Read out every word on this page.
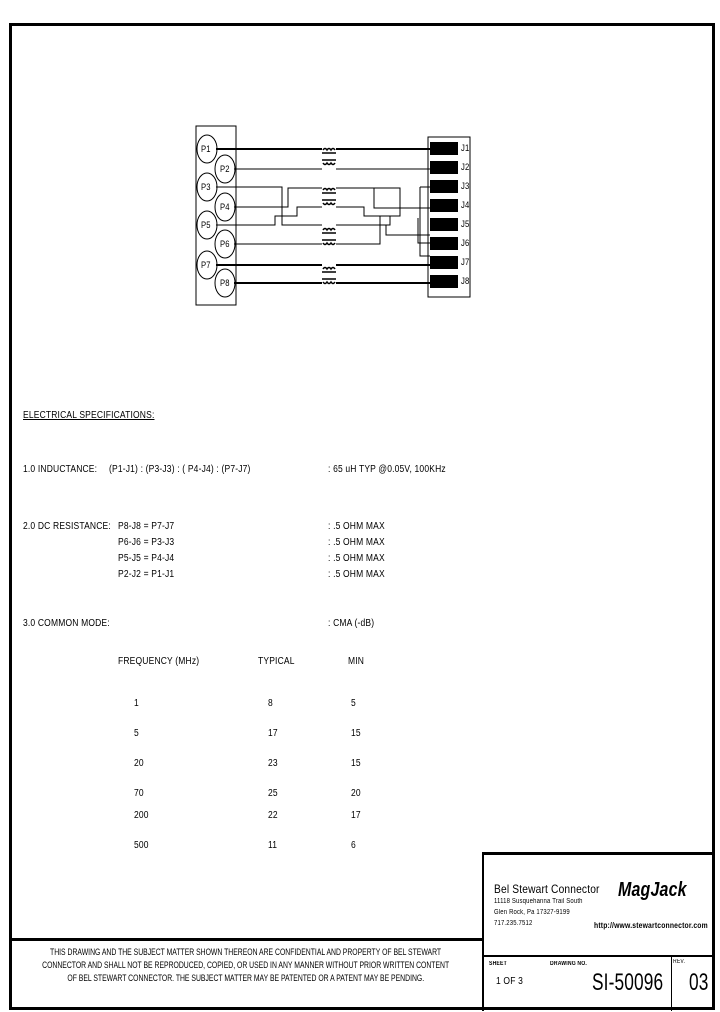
P1
P2
P3
P4
P5
P6
P7
P8
J1
J2
J3
J4
J5
J6
J7
J8
ELECTRICAL SPECIFICATIONS:
1.0 INDUCTANCE: (P1-J1) : (P3-J3) : ( P4-J4) : (P7-J7)	: 65 uH TYP @0.05V, 100KHz
2.0 DC RESISTANCE: P8-J8 = P7-J7	: .5 OHM MAX
P6-J6 = P3-J3	: .5 OHM MAX
P5-J5 = P4-J4	: .5 OHM MAX
P2-J2 = P1-J1	: .5 OHM MAX
3.0 COMMON MODE:	: CMA (-dB)
FREQUENCY (MHz)	TYPICAL	MIN
1	8	5
5	17	15
20	23	15
70	25	20
200	22	17
500	11	6
Bel Stewart Connector
11118 Susquehanna Trail South
Glen Rock, Pa 17327-9199
717.235.7512
MagJack
http://www.stewartconnector.com
SHEET
1 OF 3
DRAWING NO.
SI-50096
REV.
03
THIS DRAWING AND THE SUBJECT MATTER SHOWN THEREON ARE CONFIDENTIAL AND PROPERTY OF BEL STEWART
CONNECTOR AND SHALL NOT BE REPRODUCED, COPIED, OR USED IN ANY MANNER WITHOUT PRIOR WRITTEN CONTENT
OF BEL STEWART CONNECTOR. THE SUBJECT MATTER MAY BE PATENTED OR A PATENT MAY BE PENDING.
